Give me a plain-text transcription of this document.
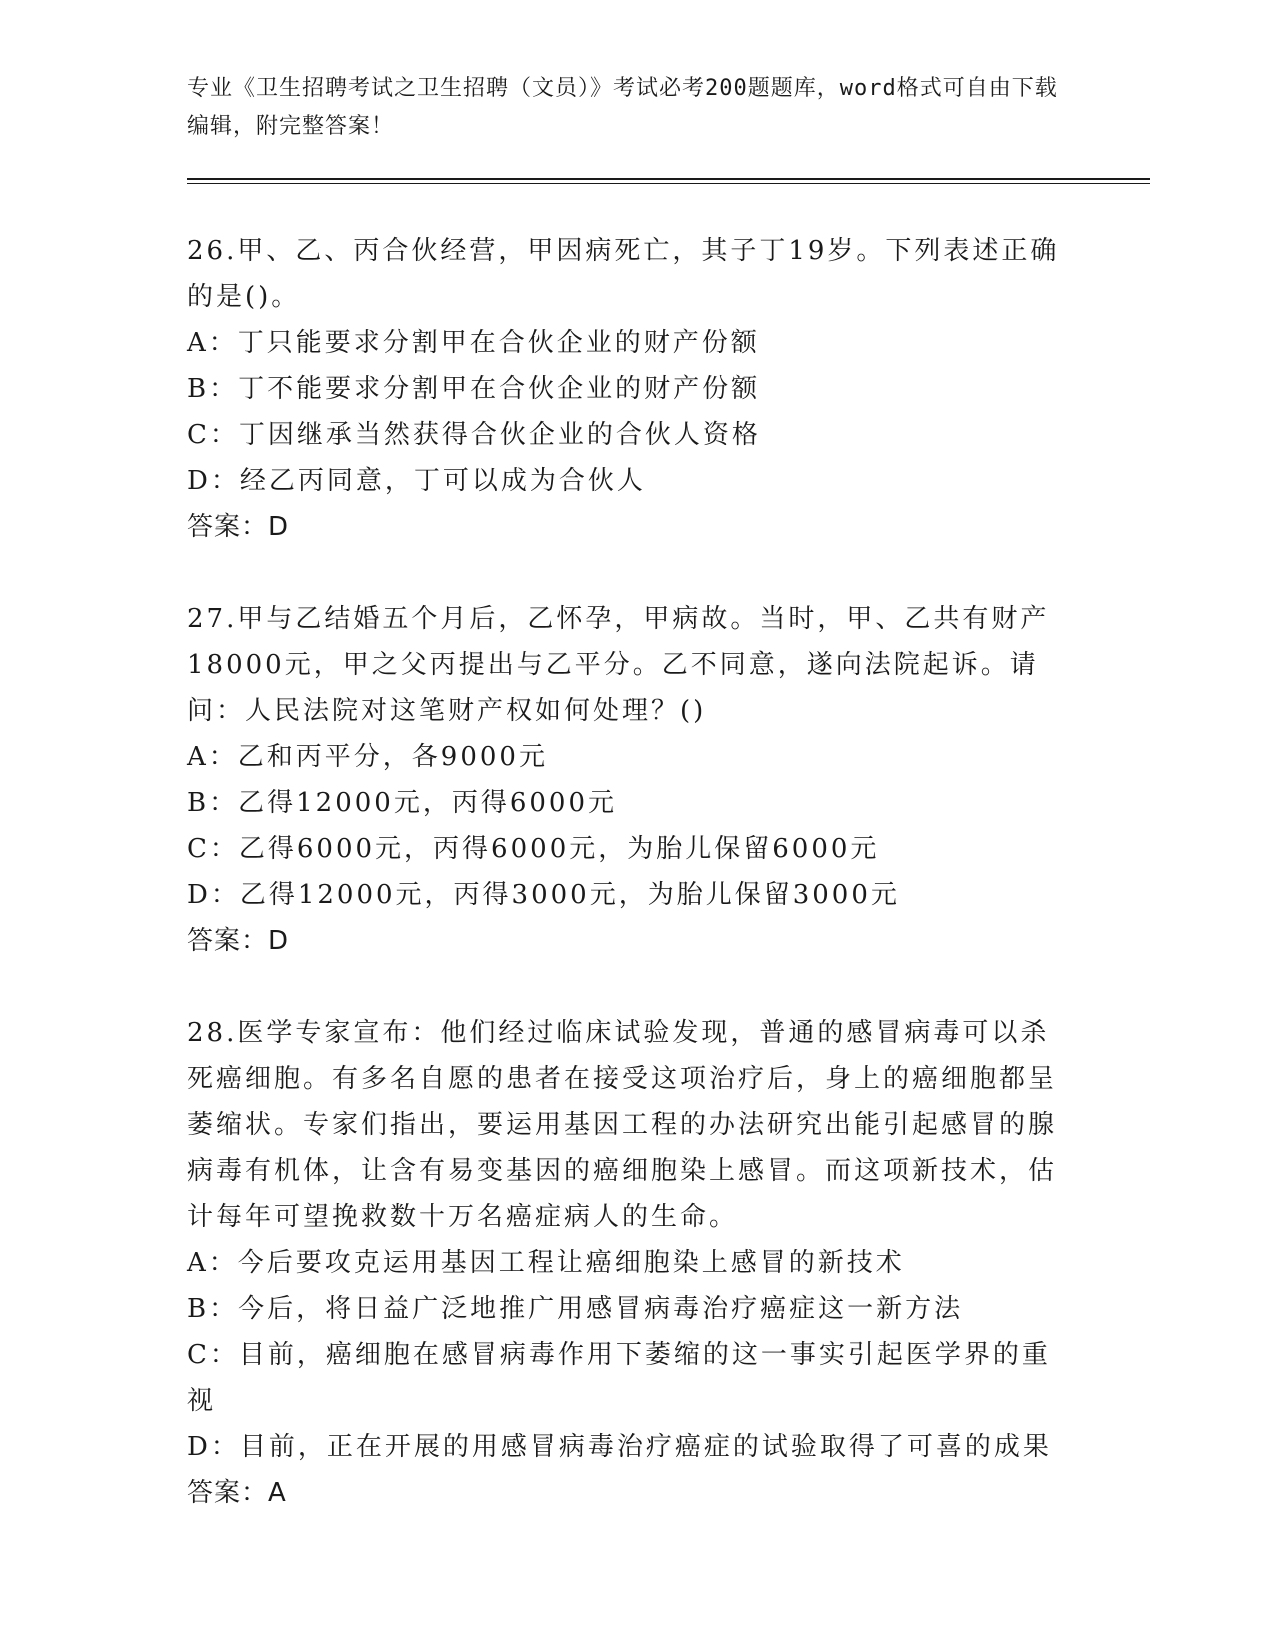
专业《卫生招聘考试之卫生招聘（文员）》考试必考200题题库，word格式可自由下载编辑，附完整答案！

26.甲、乙、丙合伙经营，甲因病死亡，其子丁19岁。下列表述正确的是()。

A：丁只能要求分割甲在合伙企业的财产份额

B：丁不能要求分割甲在合伙企业的财产份额

C：丁因继承当然获得合伙企业的合伙人资格

D：经乙丙同意，丁可以成为合伙人

答案：D

27.甲与乙结婚五个月后，乙怀孕，甲病故。当时，甲、乙共有财产18000元，甲之父丙提出与乙平分。乙不同意，遂向法院起诉。请问：人民法院对这笔财产权如何处理？()

A：乙和丙平分，各9000元

B：乙得12000元，丙得6000元

C：乙得6000元，丙得6000元，为胎儿保留6000元

D：乙得12000元，丙得3000元，为胎儿保留3000元

答案：D

28.医学专家宣布：他们经过临床试验发现，普通的感冒病毒可以杀死癌细胞。有多名自愿的患者在接受这项治疗后，身上的癌细胞都呈萎缩状。专家们指出，要运用基因工程的办法研究出能引起感冒的腺病毒有机体，让含有易变基因的癌细胞染上感冒。而这项新技术，估计每年可望挽救数十万名癌症病人的生命。

A：今后要攻克运用基因工程让癌细胞染上感冒的新技术

B：今后，将日益广泛地推广用感冒病毒治疗癌症这一新方法

C：目前，癌细胞在感冒病毒作用下萎缩的这一事实引起医学界的重视

D：目前，正在开展的用感冒病毒治疗癌症的试验取得了可喜的成果

答案：A
